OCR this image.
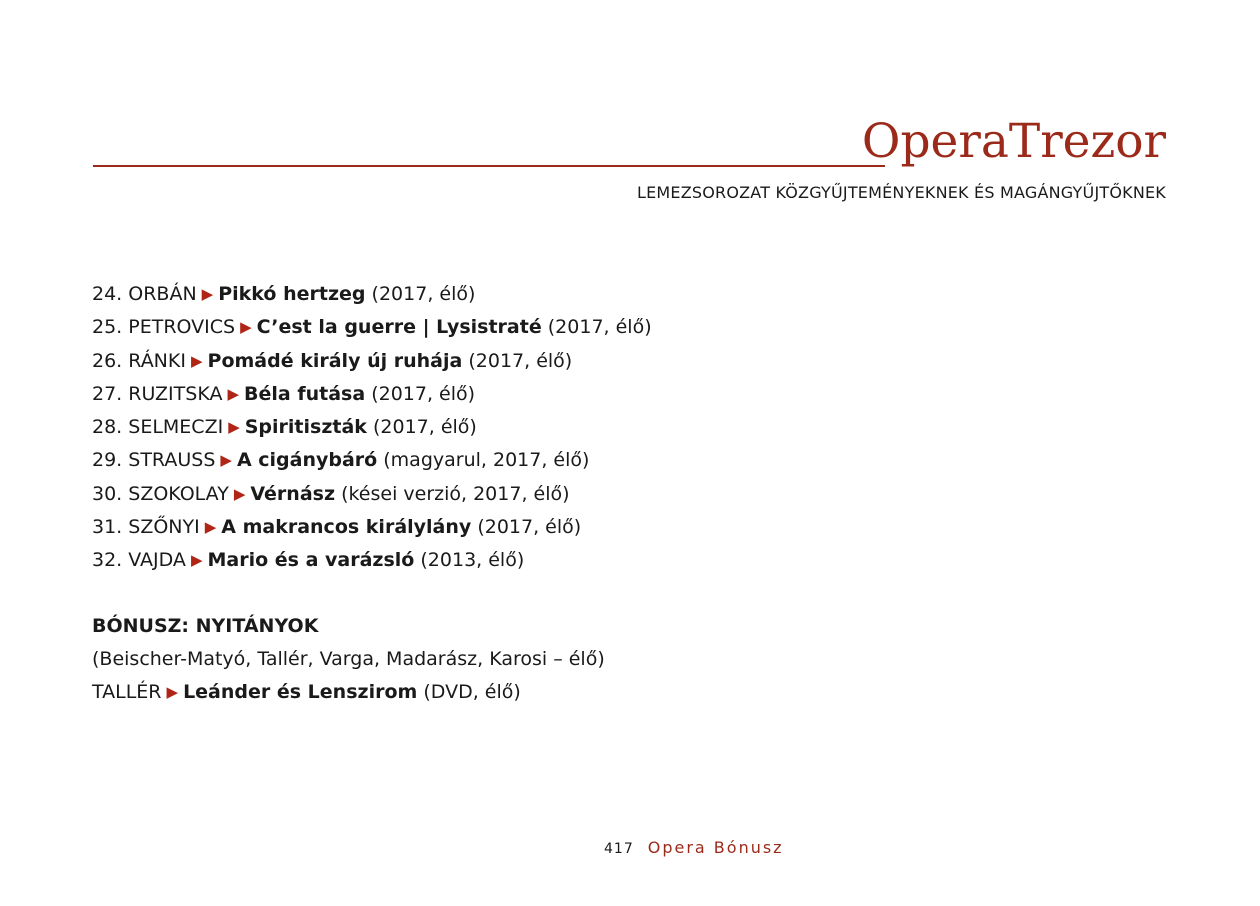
OperaTrezor
LEMEZSOROZAT KÖZGYŰJTEMÉNYEKNEK ÉS MAGÁNGYŰJTŐKNEK
24. ORBÁN ▶ Pikkó hertzeg (2017, élő)
25. PETROVICS ▶ C’est la guerre | Lysistraté (2017, élő)
26. RÁNKI ▶ Pomádé király új ruhája (2017, élő)
27. RUZITSKA ▶ Béla futása (2017, élő)
28. SELMECZI ▶ Spiritiszták (2017, élő)
29. STRAUSS ▶ A cigánybáró (magyarul, 2017, élő)
30. SZOKOLAY ▶ Vérnász (kései verzió, 2017, élő)
31. SZŐNYI ▶ A makrancos királylány (2017, élő)
32. VAJDA ▶ Mario és a varázsló (2013, élő)
BÓNUSZ: NYITÁNYOK
(Beischer-Matyó, Tallér, Varga, Madarász, Karosi – élő)
TALLÉR ▶ Leánder és Lenszirom (DVD, élő)
417 Opera Bónusz
